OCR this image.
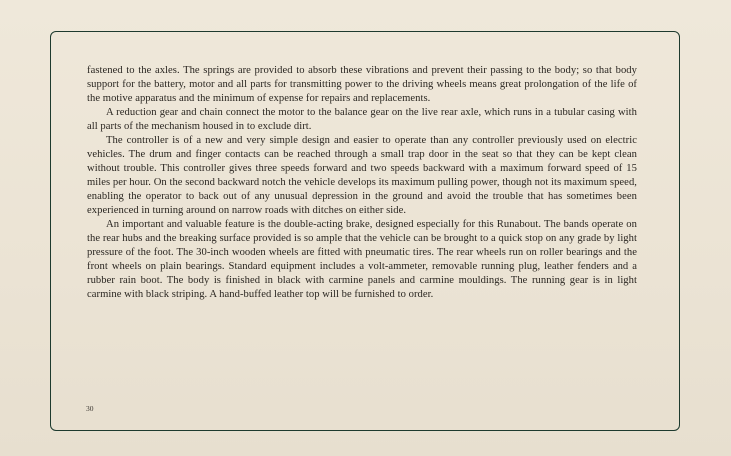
fastened to the axles. The springs are provided to absorb these vibrations and prevent their passing to the body; so that body support for the battery, motor and all parts for transmitting power to the driving wheels means great prolongation of the life of the motive apparatus and the minimum of expense for repairs and replacements.

A reduction gear and chain connect the motor to the balance gear on the live rear axle, which runs in a tubular casing with all parts of the mechanism housed in to exclude dirt.

The controller is of a new and very simple design and easier to operate than any controller previously used on electric vehicles. The drum and finger contacts can be reached through a small trap door in the seat so that they can be kept clean without trouble. This controller gives three speeds forward and two speeds backward with a maximum forward speed of 15 miles per hour. On the second backward notch the vehicle develops its maximum pulling power, though not its maximum speed, enabling the operator to back out of any unusual depression in the ground and avoid the trouble that has sometimes been experienced in turning around on narrow roads with ditches on either side.

An important and valuable feature is the double-acting brake, designed especially for this Runabout. The bands operate on the rear hubs and the breaking surface provided is so ample that the vehicle can be brought to a quick stop on any grade by light pressure of the foot. The 30-inch wooden wheels are fitted with pneumatic tires. The rear wheels run on roller bearings and the front wheels on plain bearings. Standard equipment includes a volt-ammeter, removable running plug, leather fenders and a rubber rain boot. The body is finished in black with carmine panels and carmine mouldings. The running gear is in light carmine with black striping. A hand-buffed leather top will be furnished to order.

30
